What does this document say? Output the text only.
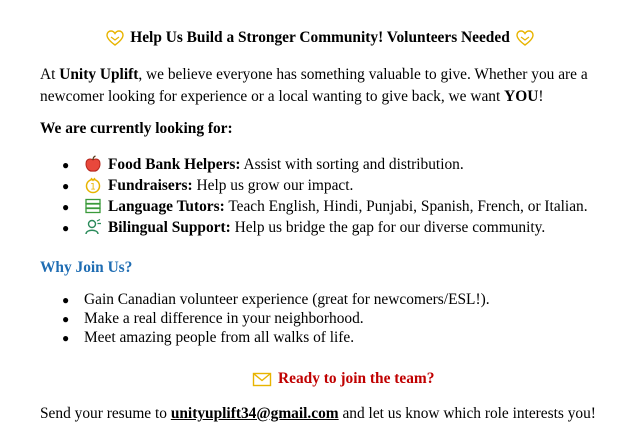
Help Us Build a Stronger Community! Volunteers Needed
At Unity Uplift, we believe everyone has something valuable to give. Whether you are a newcomer looking for experience or a local wanting to give back, we want YOU!
We are currently looking for:
●	Food Bank Helpers: Assist with sorting and distribution.
● 1 Fundraisers: Help us grow our impact.
●	Language Tutors: Teach English, Hindi, Punjabi, Spanish, French, or Italian.
●	Bilingual Support: Help us bridge the gap for our diverse community.
Why Join Us?
● Gain Canadian volunteer experience (great for newcomers/ESL!).
● Make a real difference in your neighborhood.
● Meet amazing people from all walks of life.
Ready to join the team?
Send your resume to unityuplift34@gmail.com and let us know which role interests you!
